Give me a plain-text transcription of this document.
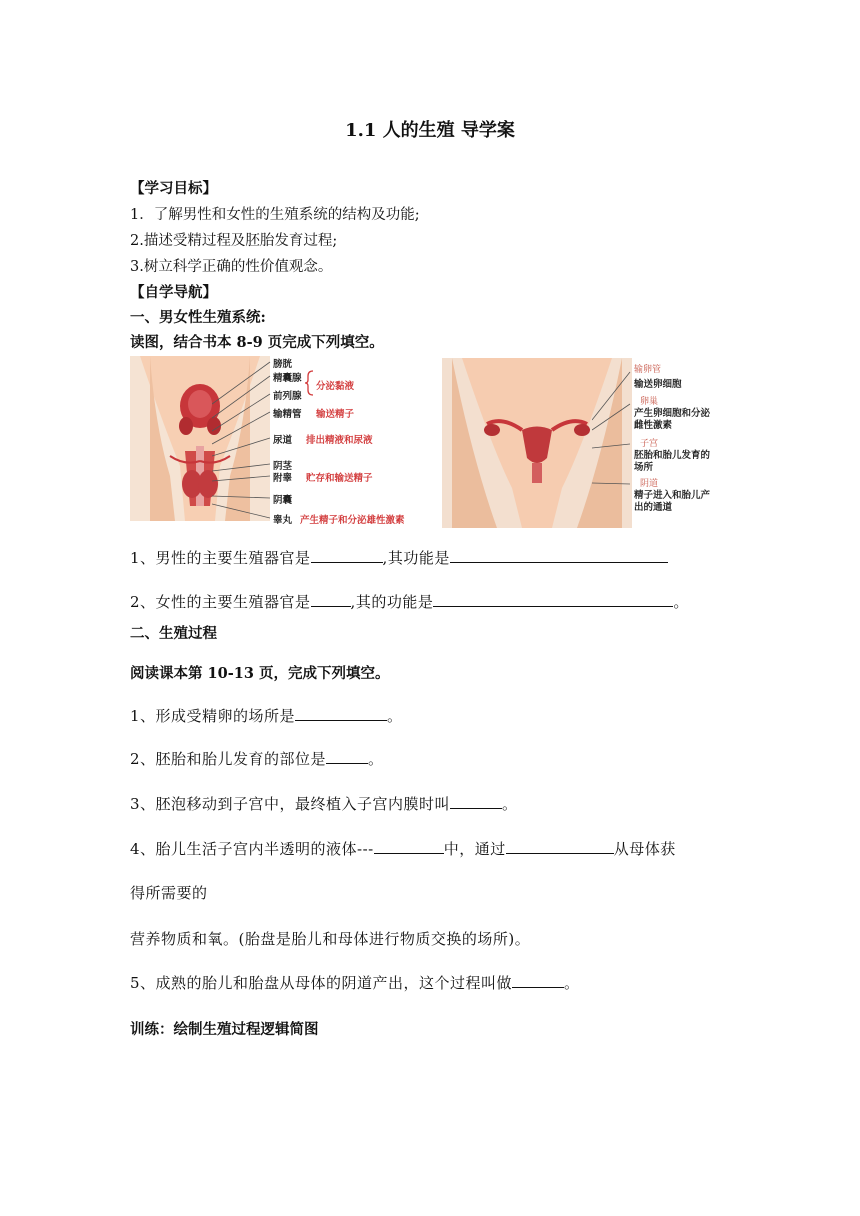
1.1 人的生殖 导学案
【学习目标】
1．了解男性和女性的生殖系统的结构及功能;
2.描述受精过程及胚胎发育过程;
3.树立科学正确的性价值观念。
【自学导航】
一、男女性生殖系统:
读图，结合书本 8-9 页完成下列填空。
膀胱
精囊腺
前列腺
输精管
尿道
阴茎
附睾
阴囊
睾丸
分泌黏液
输送精子
排出精液和尿液
贮存和输送精子
产生精子和分泌雄性激素
输卵管
输送卵细胞
卵巢
产生卵细胞和分泌雌性激素
子宫
胚胎和胎儿发育的场所
阴道
精子进入和胎儿产出的通道
1、男性的主要生殖器官是	,其功能是
2、女性的主要生殖器官是	,其的功能是	。
二、生殖过程
阅读课本第 10-13 页，完成下列填空。
1、形成受精卵的场所是	。
2、胚胎和胎儿发育的部位是	。
3、胚泡移动到子宫中，最终植入子宫内膜时叫	。
4、胎儿生活子宫内半透明的液体---	中，通过	从母体获
得所需要的
营养物质和氧。(胎盘是胎儿和母体进行物质交换的场所)。
5、成熟的胎儿和胎盘从母体的阴道产出，这个过程叫做	。
训练：绘制生殖过程逻辑简图
